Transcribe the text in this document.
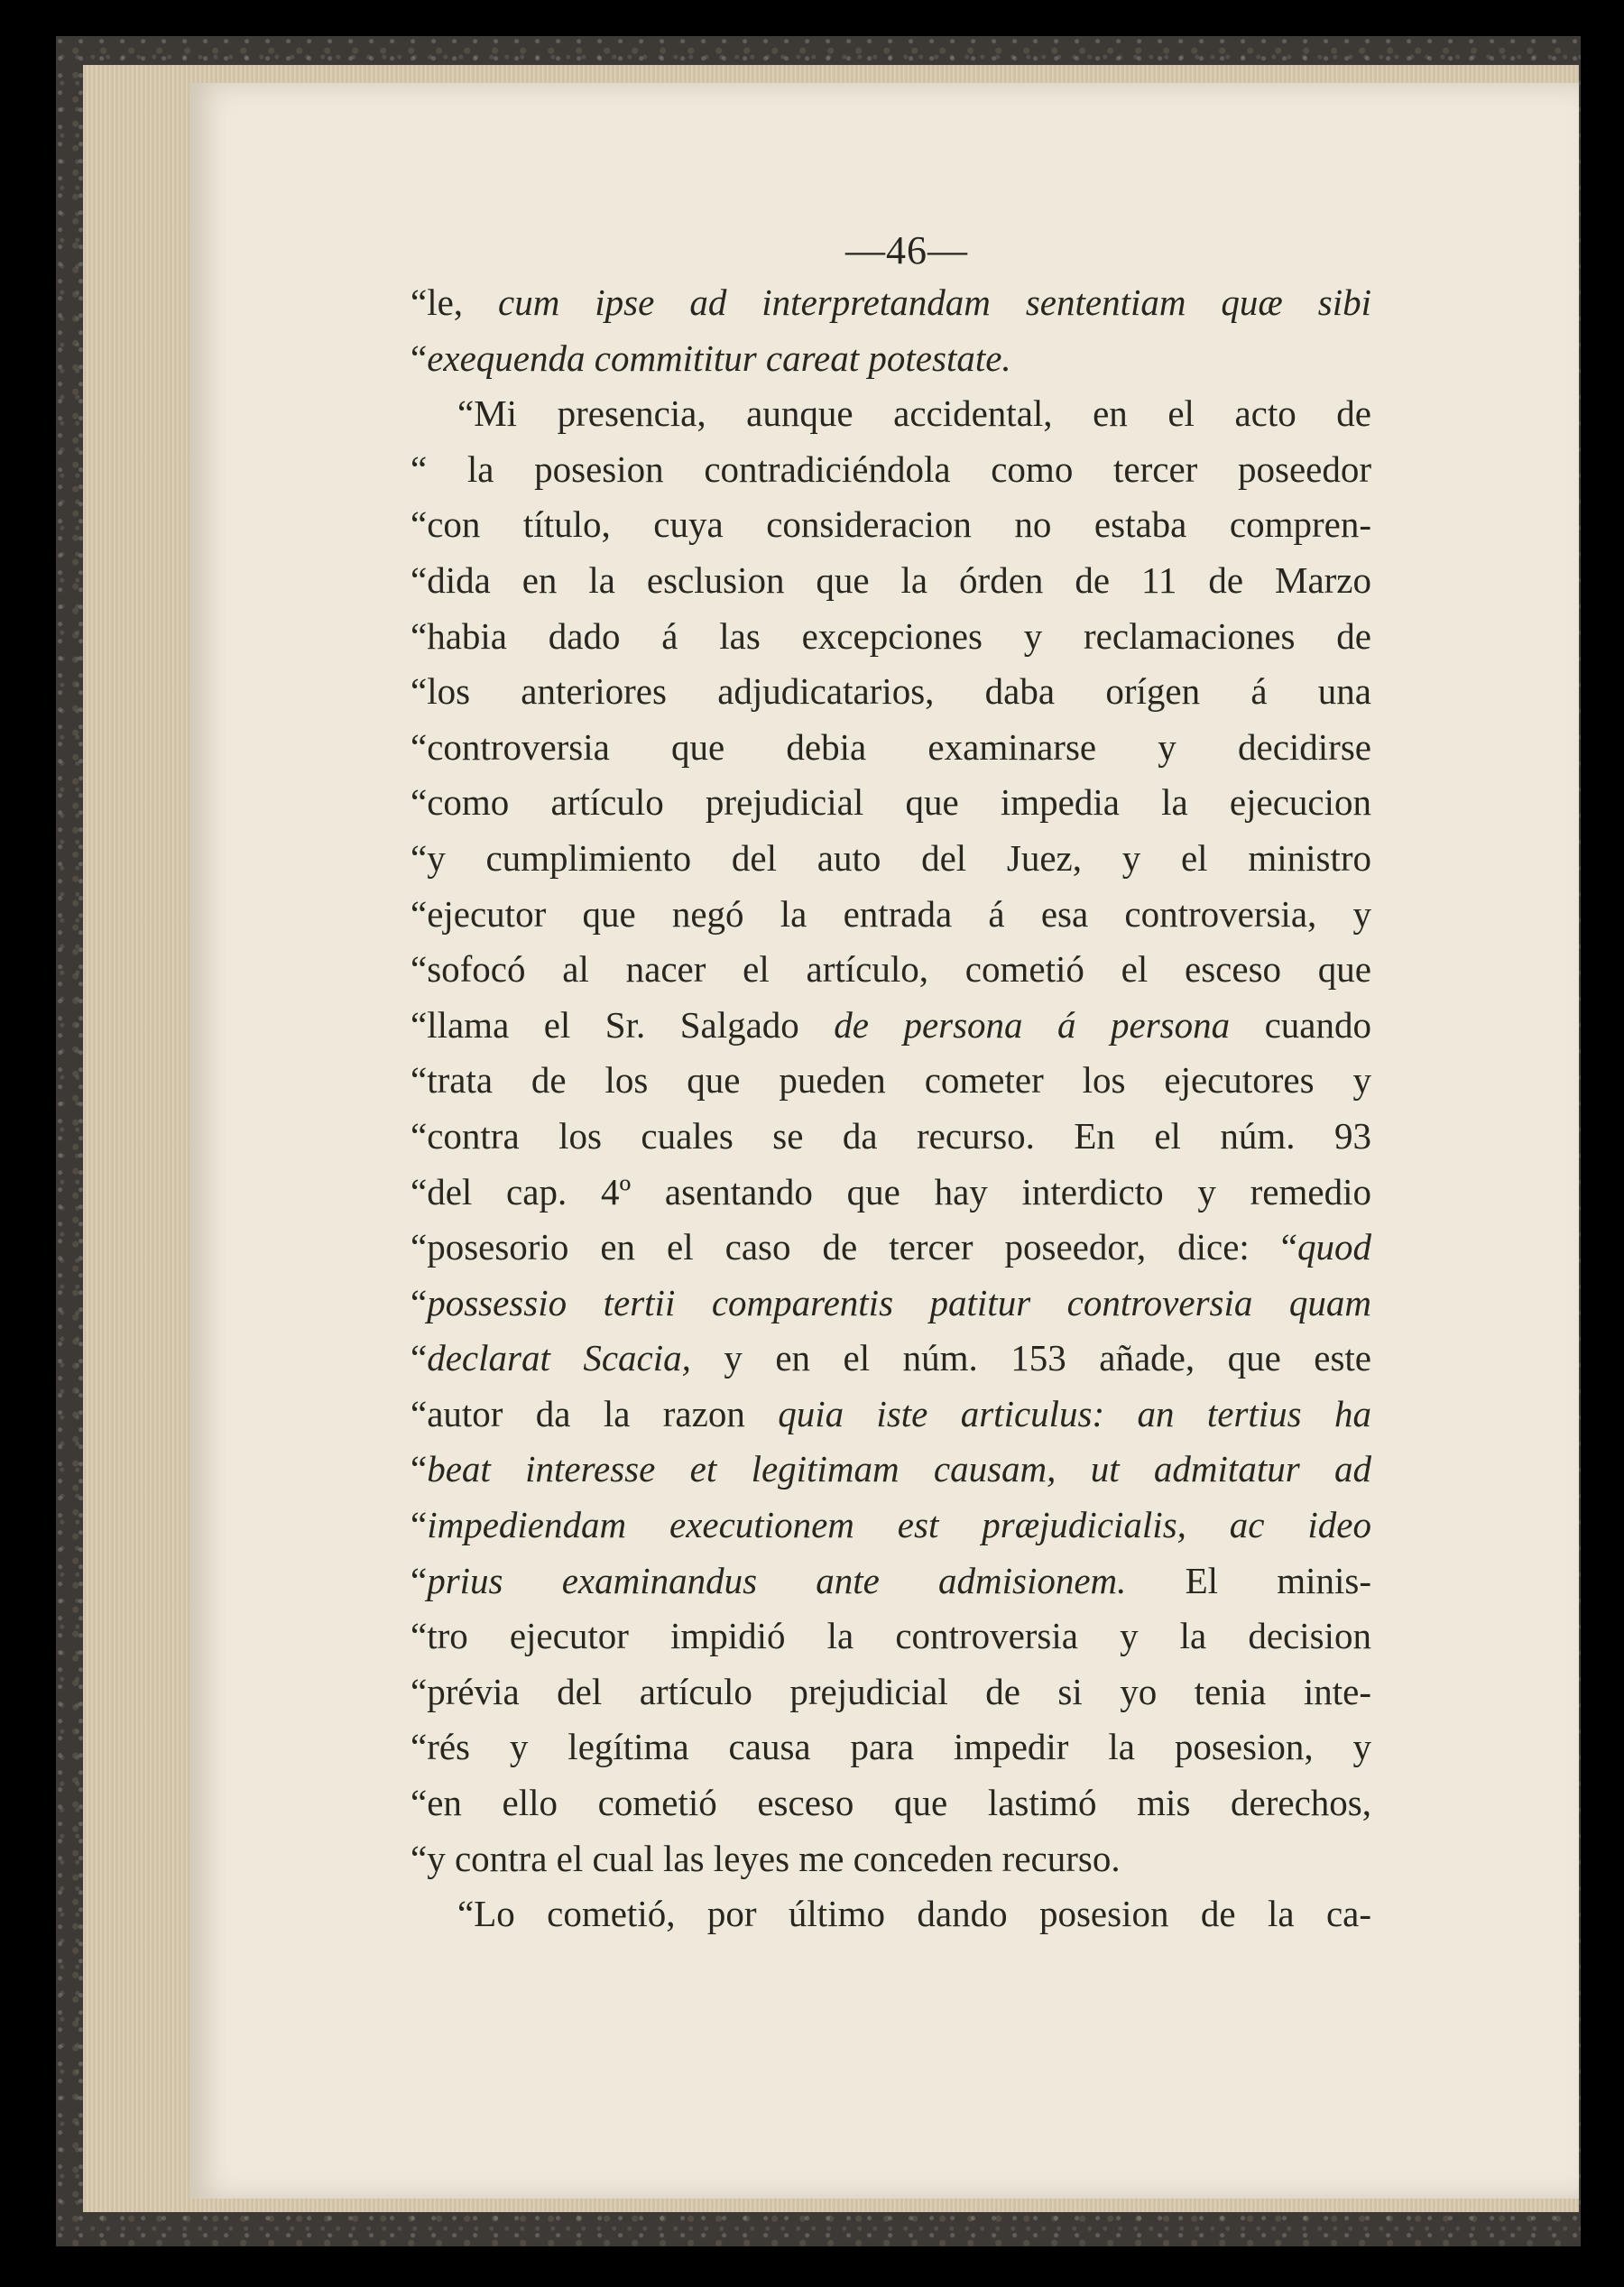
—46—
“le, cum ipse ad interpretandam sententiam quæ sibi
“exequenda commititur careat potestate.
“Mi presencia, aunque accidental, en el acto de
“ la posesion contradiciéndola como tercer poseedor
“con título, cuya consideracion no estaba compren-
“dida en la esclusion que la órden de 11 de Marzo
“habia dado á las excepciones y reclamaciones de
“los anteriores adjudicatarios, daba orígen á una
“controversia que debia examinarse y decidirse
“como artículo prejudicial que impedia la ejecucion
“y cumplimiento del auto del Juez, y el ministro
“ejecutor que negó la entrada á esa controversia, y
“sofocó al nacer el artículo, cometió el esceso que
“llama el Sr. Salgado de persona á persona cuando
“trata de los que pueden cometer los ejecutores y
“contra los cuales se da recurso. En el núm. 93
“del cap. 4º asentando que hay interdicto y remedio
“posesorio en el caso de tercer poseedor, dice: “quod
“possessio tertii comparentis patitur controversia quam
“declarat Scacia, y en el núm. 153 añade, que este
“autor da la razon quia iste articulus: an tertius ha
“beat interesse et legitimam causam, ut admitatur ad
“impediendam executionem est præjudicialis, ac ideo
“prius examinandus ante admisionem. El minis-
“tro ejecutor impidió la controversia y la decision
“prévia del artículo prejudicial de si yo tenia inte-
“rés y legítima causa para impedir la posesion, y
“en ello cometió esceso que lastimó mis derechos,
“y contra el cual las leyes me conceden recurso.
“Lo cometió, por último dando posesion de la ca-
